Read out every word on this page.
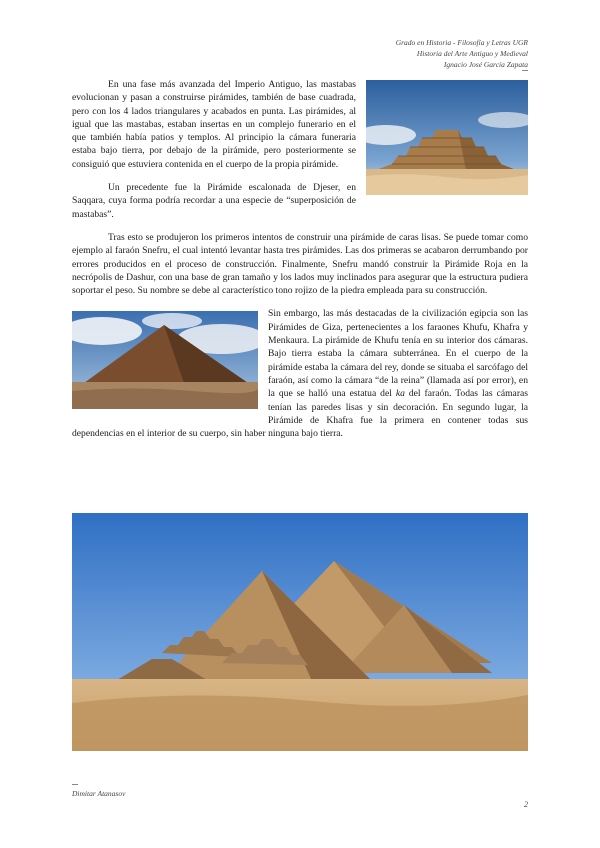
Grado en Historia - Filosofía y Letras UGR
Historia del Arte Antiguo y Medieval
Ignacio José García Zapata

En una fase más avanzada del Imperio Antiguo, las mastabas evolucionan y pasan a construirse pirámides, también de base cuadrada, pero con los 4 lados triangulares y acabados en punta. Las pirámides, al igual que las mastabas, estaban insertas en un complejo funerario en el que también había patios y templos. Al principio la cámara funeraria estaba bajo tierra, por debajo de la pirámide, pero posteriormente se consiguió que estuviera contenida en el cuerpo de la propia pirámide.

Un precedente fue la Pirámide escalonada de Djeser, en Saqqara, cuya forma podría recordar a una especie de “superposición de mastabas”.

Tras esto se produjeron los primeros intentos de construir una pirámide de caras lisas. Se puede tomar como ejemplo al faraón Snefru, el cual intentó levantar hasta tres pirámides. Las dos primeras se acabaron derrumbando por errores producidos en el proceso de construcción. Finalmente, Snefru mandó construir la Pirámide Roja en la necrópolis de Dashur, con una base de gran tamaño y los lados muy inclinados para asegurar que la estructura pudiera soportar el peso. Su nombre se debe al característico tono rojizo de la piedra empleada para su construcción.

Sin embargo, las más destacadas de la civilización egipcia son las Pirámides de Giza, pertenecientes a los faraones Khufu, Khafra y Menkaura. La pirámide de Khufu tenía en su interior dos cámaras. Bajo tierra estaba la cámara subterránea. En el cuerpo de la pirámide estaba la cámara del rey, donde se situaba el sarcófago del faraón, así como la cámara “de la reina” (llamada así por error), en la que se halló una estatua del ka del faraón. Todas las cámaras tenían las paredes lisas y sin decoración. En segundo lugar, la Pirámide de Khafra fue la primera en contener todas sus dependencias en el interior de su cuerpo, sin haber ninguna bajo tierra.

Dimitar Atanasov
2
